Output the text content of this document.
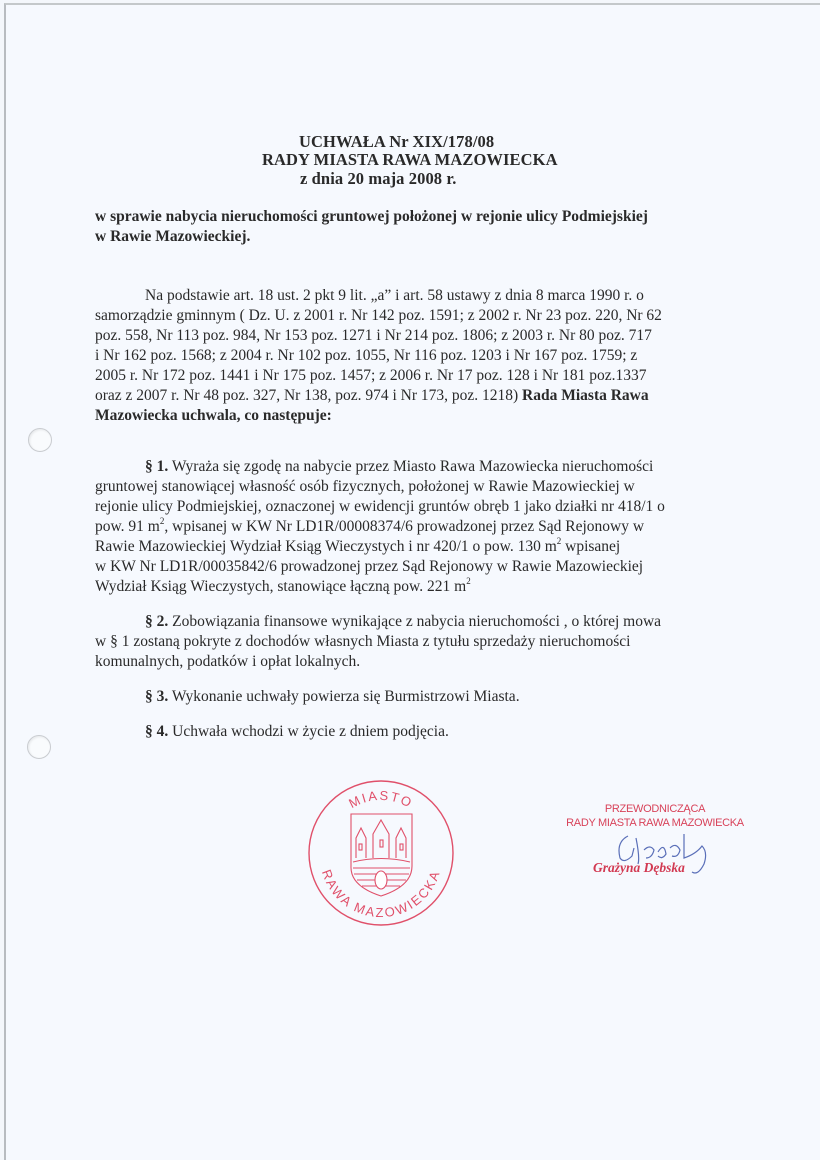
UCHWAŁA Nr XIX/178/08
RADY MIASTA RAWA MAZOWIECKA
z dnia 20 maja 2008 r.
w sprawie nabycia nieruchomości gruntowej położonej w rejonie ulicy Podmiejskiej
w Rawie Mazowieckiej.
Na podstawie art. 18 ust. 2 pkt 9 lit. „a” i art. 58 ustawy z dnia 8 marca 1990 r. o
samorządzie gminnym ( Dz. U. z 2001 r. Nr 142 poz. 1591; z 2002 r. Nr 23 poz. 220, Nr 62
poz. 558, Nr 113 poz. 984, Nr 153 poz. 1271 i Nr 214 poz. 1806; z 2003 r. Nr 80 poz. 717
i Nr 162 poz. 1568; z 2004 r. Nr 102 poz. 1055, Nr 116 poz. 1203 i Nr 167 poz. 1759; z
2005 r. Nr 172 poz. 1441 i Nr 175 poz. 1457; z 2006 r. Nr 17 poz. 128 i Nr 181 poz.1337
oraz z 2007 r. Nr 48 poz. 327, Nr 138, poz. 974 i Nr 173, poz. 1218) Rada Miasta Rawa
Mazowiecka uchwala, co następuje:
§ 1. Wyraża się zgodę na nabycie przez Miasto Rawa Mazowiecka nieruchomości
gruntowej stanowiącej własność osób fizycznych, położonej w Rawie Mazowieckiej w
rejonie ulicy Podmiejskiej, oznaczonej w ewidencji gruntów obręb 1 jako działki nr 418/1 o
pow. 91 $m^2$, wpisanej w KW Nr LD1R/00008374/6 prowadzonej przez Sąd Rejonowy w
Rawie Mazowieckiej Wydział Ksiąg Wieczystych i nr 420/1 o pow. 130 $m^2$ wpisanej
w KW Nr LD1R/00035842/6 prowadzonej przez Sąd Rejonowy w Rawie Mazowieckiej
Wydział Ksiąg Wieczystych, stanowiące łączną pow. 221 $m^2$
§ 2. Zobowiązania finansowe wynikające z nabycia nieruchomości , o której mowa
w § 1 zostaną pokryte z dochodów własnych Miasta z tytułu sprzedaży nieruchomości
komunalnych, podatków i opłat lokalnych.
§ 3. Wykonanie uchwały powierza się Burmistrzowi Miasta.
§ 4. Uchwała wchodzi w życie z dniem podjęcia.
MIASTO
RAWA MAZOWIECKA
PRZEWODNICZĄCA
RADY MIASTA RAWA MAZOWIECKA
Grażyna Dębska
